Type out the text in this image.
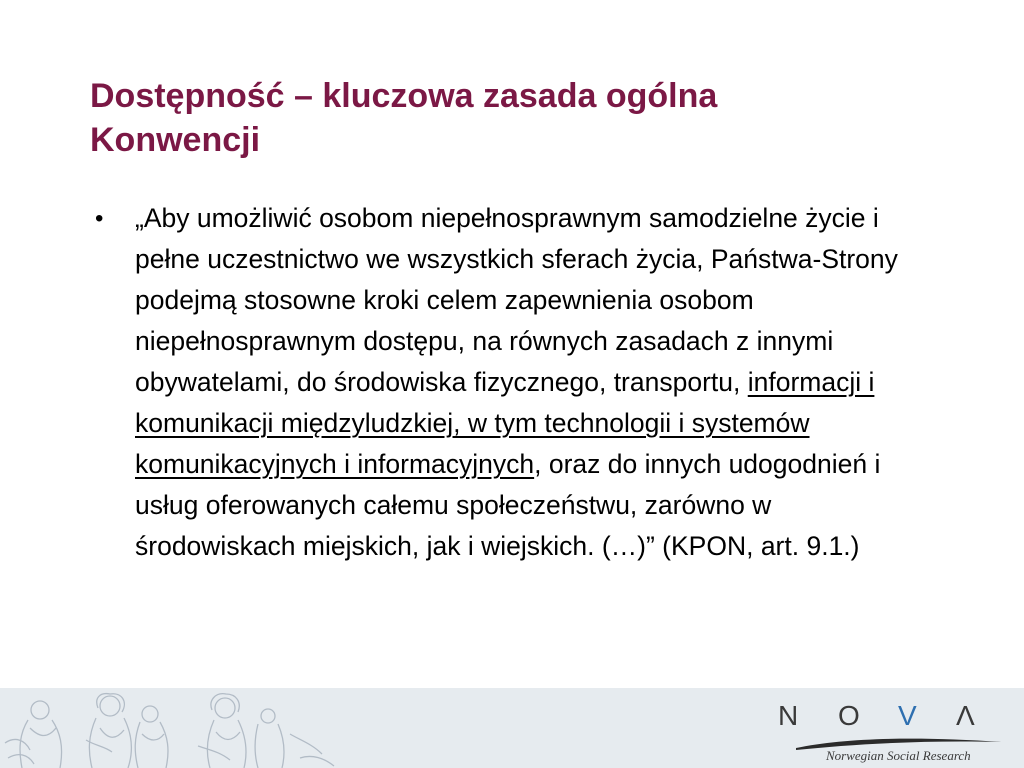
Dostępność – kluczowa zasada ogólna
Konwencji
• „Aby umożliwić osobom niepełnosprawnym samodzielne życie i pełne uczestnictwo we wszystkich sferach życia, Państwa-Strony podejmą stosowne kroki celem zapewnienia osobom niepełnosprawnym dostępu, na równych zasadach z innymi obywatelami, do środowiska fizycznego, transportu, informacji i komunikacji międzyludzkiej, w tym technologii i systemów komunikacyjnych i informacyjnych, oraz do innych udogodnień i usług oferowanych całemu społeczeństwu, zarówno w środowiskach miejskich, jak i wiejskich. (…)” (KPON, art. 9.1.)
N O V Λ
Norwegian Social Research
